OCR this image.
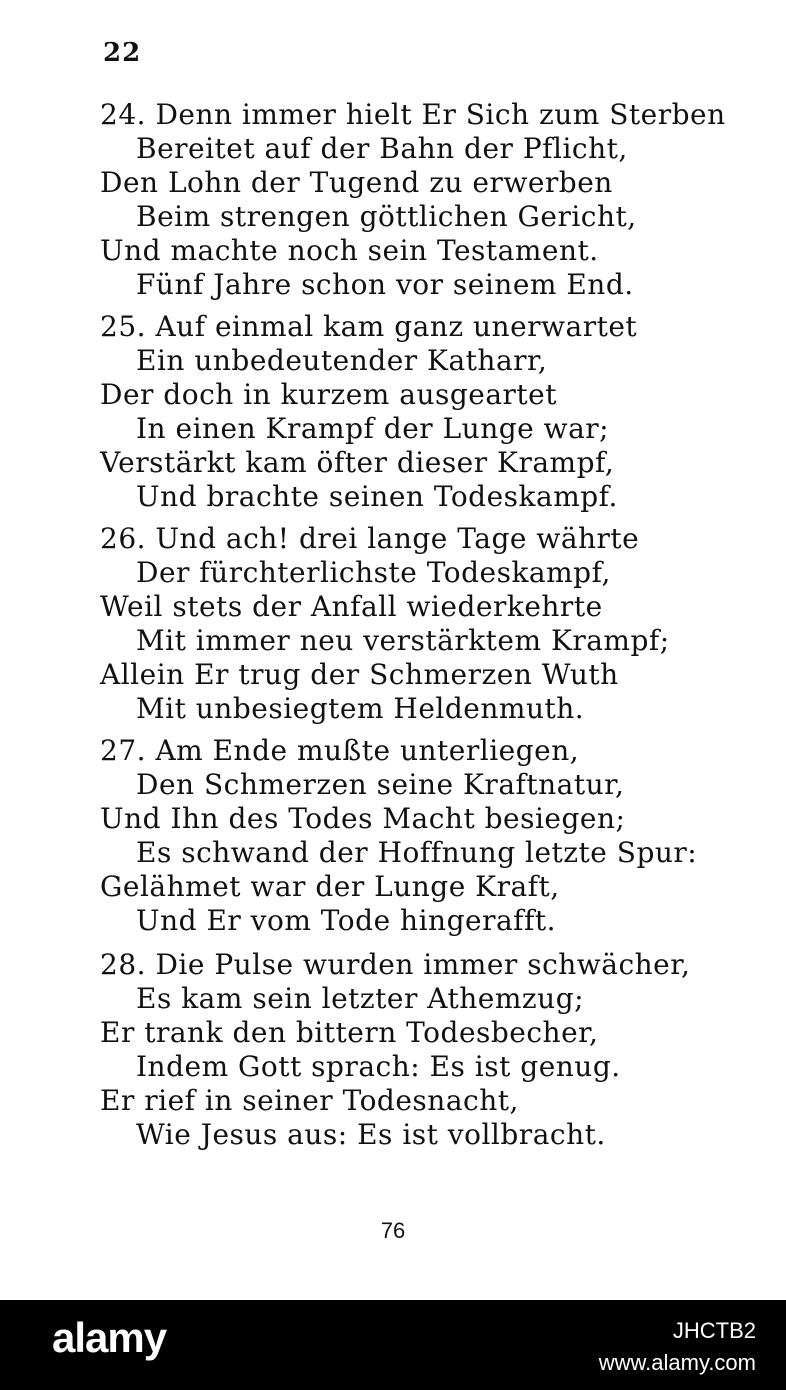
22
24. Denn immer hielt Er Sich zum Sterben
Bereitet auf der Bahn der Pflicht,
Den Lohn der Tugend zu erwerben
Beim strengen göttlichen Gericht,
Und machte noch sein Testament.
Fünf Jahre schon vor seinem End.
25. Auf einmal kam ganz unerwartet
Ein unbedeutender Katharr,
Der doch in kurzem ausgeartet
In einen Krampf der Lunge war;
Verstärkt kam öfter dieser Krampf,
Und brachte seinen Todeskampf.
26. Und ach! drei lange Tage währte
Der fürchterlichste Todeskampf,
Weil stets der Anfall wiederkehrte
Mit immer neu verstärktem Krampf;
Allein Er trug der Schmerzen Wuth
Mit unbesiegtem Heldenmuth.
27. Am Ende mußte unterliegen,
Den Schmerzen seine Kraftnatur,
Und Ihn des Todes Macht besiegen;
Es schwand der Hoffnung letzte Spur:
Gelähmet war der Lunge Kraft,
Und Er vom Tode hingerafft.
28. Die Pulse wurden immer schwächer,
Es kam sein letzter Athemzug;
Er trank den bittern Todesbecher,
Indem Gott sprach: Es ist genug.
Er rief in seiner Todesnacht,
Wie Jesus aus: Es ist vollbracht.
76
alamy	JHCTB2
www.alamy.com
